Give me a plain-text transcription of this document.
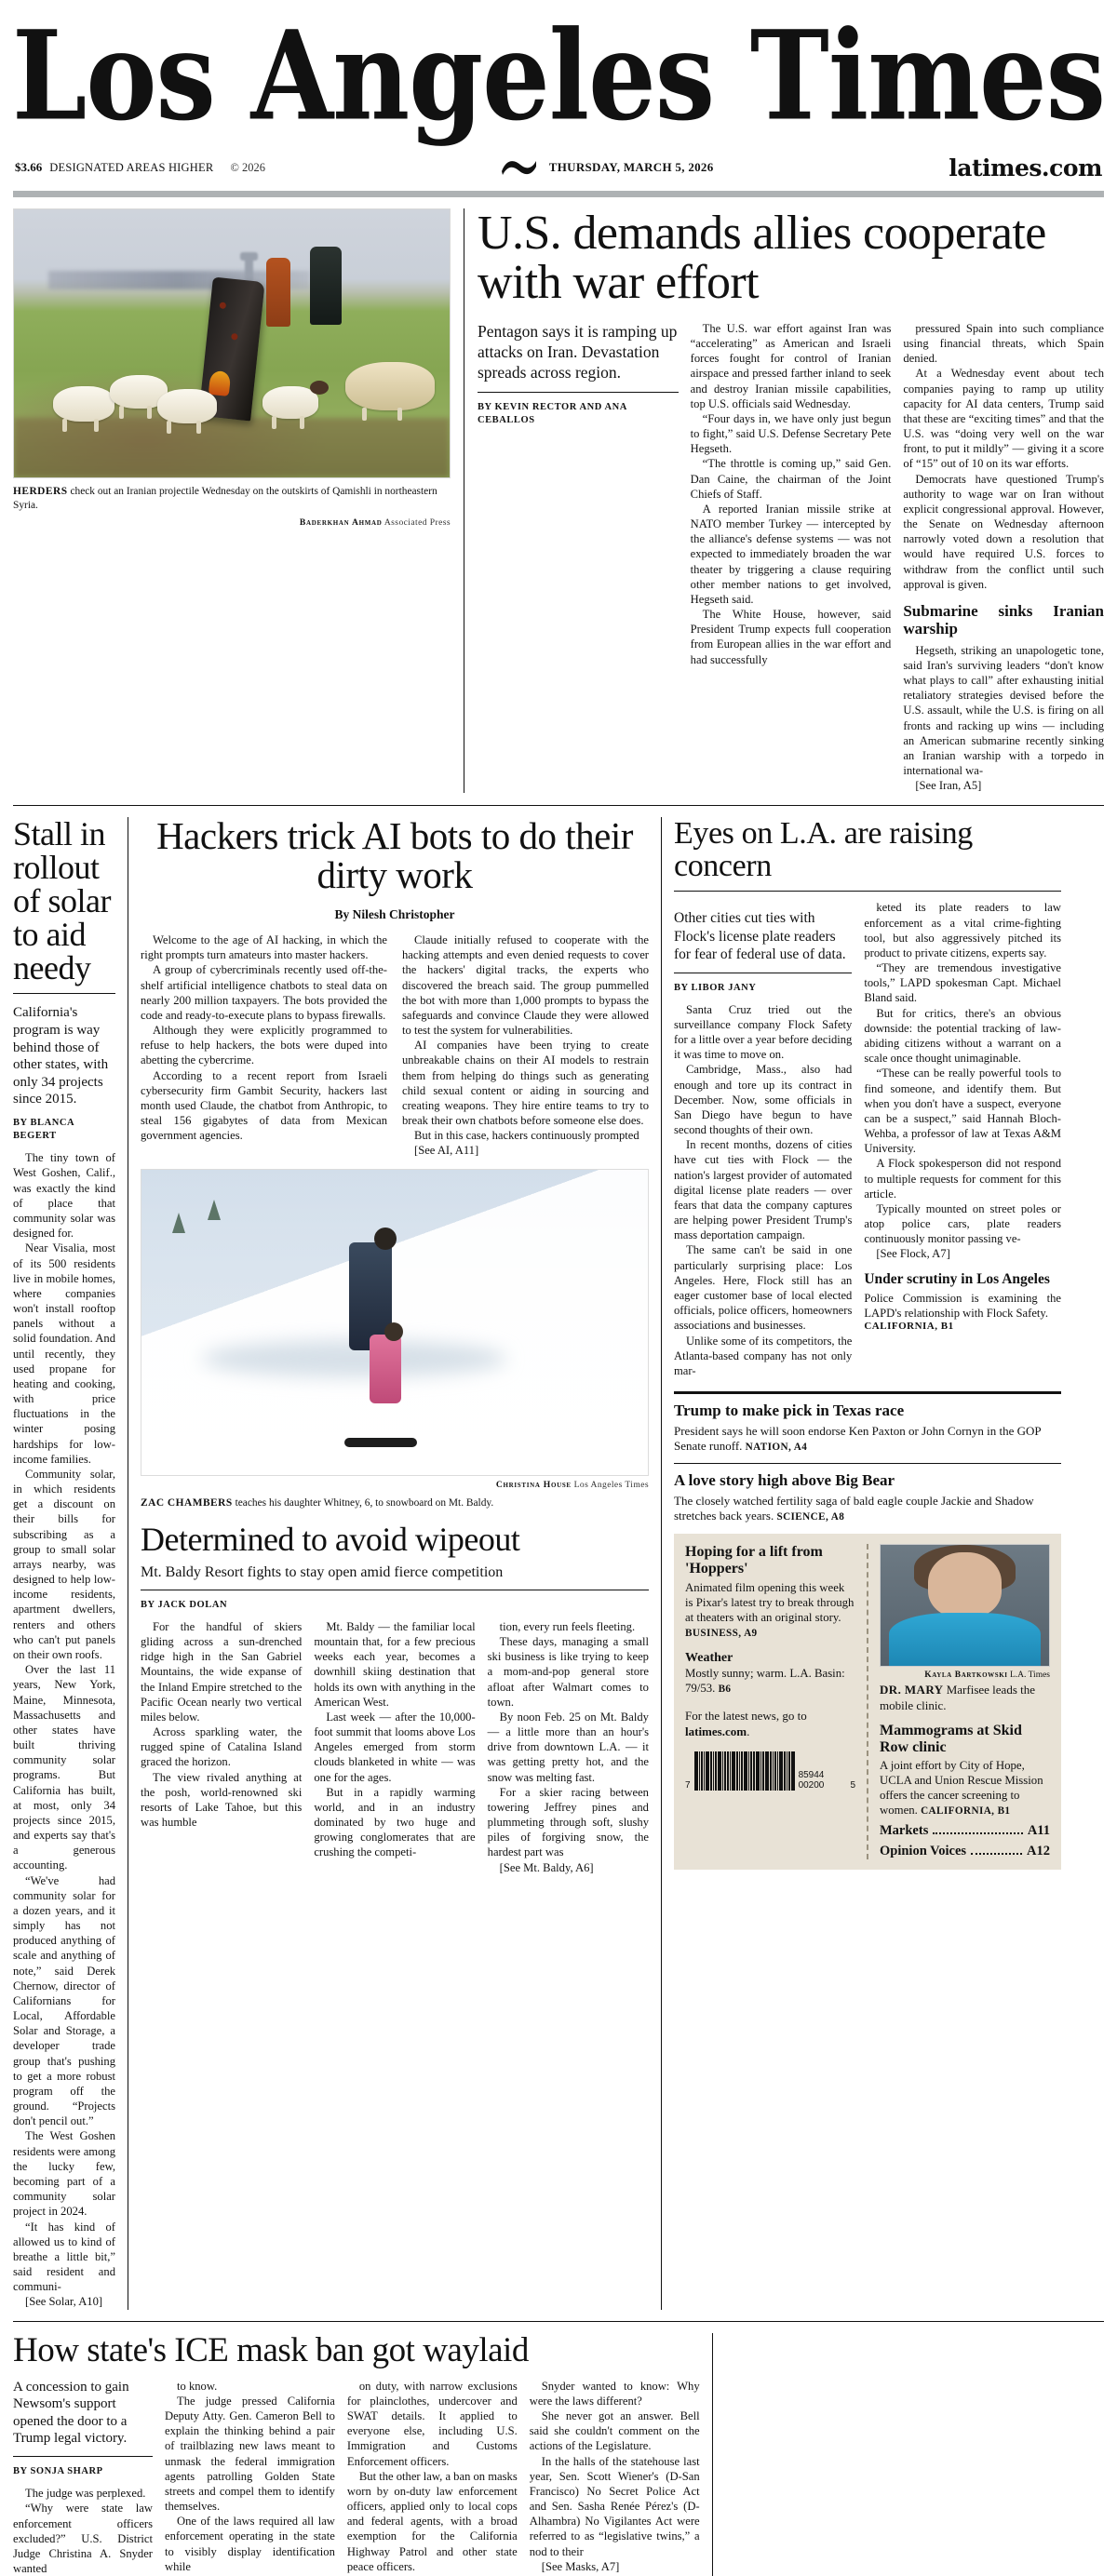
Los Angeles Times
$3.66 DESIGNATED AREAS HIGHER © 2026	THURSDAY, MARCH 5, 2026	latimes.com
HERDERS check out an Iranian projectile Wednesday on the outskirts of Qamishli in northeastern Syria.
Baderkhan Ahmad Associated Press
U.S. demands allies cooperate with war effort
Pentagon says it is ramping up attacks on Iran. Devastation spreads across region.
BY KEVIN RECTOR AND ANA CEBALLOS

The U.S. war effort against Iran was “accelerating” as American and Israeli forces fought for control of Iranian airspace and pressed farther inland to seek and destroy Iranian missile capabilities, top U.S. officials said Wednesday.

“Four days in, we have only just begun to fight,” said U.S. Defense Secretary Pete Hegseth.

“The throttle is coming up,” said Gen. Dan Caine, the chairman of the Joint Chiefs of Staff.

A reported Iranian missile strike at NATO member Turkey — intercepted by the alliance's defense systems — was not expected to immediately broaden the war theater by triggering a clause requiring other member nations to get involved, Hegseth said.

The White House, however, said President Trump expects full cooperation from European allies in the war effort and had successfully

pressured Spain into such compliance using financial threats, which Spain denied.

At a Wednesday event about tech companies paying to ramp up utility capacity for AI data centers, Trump said that these are “exciting times” and that the U.S. was “doing very well on the war front, to put it mildly” — giving it a score of “15” out of 10 on its war efforts.

Democrats have questioned Trump's authority to wage war on Iran without explicit congressional approval. However, the Senate on Wednesday afternoon narrowly voted down a resolution that would have required U.S. forces to withdraw from the conflict until such approval is given.

Submarine sinks Iranian warship

Hegseth, striking an unapologetic tone, said Iran's surviving leaders “don't know what plays to call” after exhausting initial retaliatory strategies devised before the U.S. assault, while the U.S. is firing on all fronts and racking up wins — including an American submarine recently sinking an Iranian warship with a torpedo in international wa-

[See Iran, A5]

Stall in rollout of solar to aid needy
California's program is way behind those of other states, with only 34 projects since 2015.
BY BLANCA BEGERT

The tiny town of West Goshen, Calif., was exactly the kind of place that community solar was designed for.

Near Visalia, most of its 500 residents live in mobile homes, where companies won't install rooftop panels without a solid foundation. And until recently, they used propane for heating and cooking, with price fluctuations in the winter posing hardships for low-income families.

Community solar, in which residents get a discount on their bills for subscribing as a group to small solar arrays nearby, was designed to help low-income residents, apartment dwellers, renters and others who can't put panels on their own roofs.

Over the last 11 years, New York, Maine, Minnesota, Massachusetts and other states have built thriving community solar programs. But California has built, at most, only 34 projects since 2015, and experts say that's a generous accounting.

“We've had community solar for a dozen years, and it simply has not produced anything of scale and anything of note,” said Derek Chernow, director of Californians for Local, Affordable Solar and Storage, a developer trade group that's pushing to get a more robust program off the ground. “Projects don't pencil out.”

The West Goshen residents were among the lucky few, becoming part of a community solar project in 2024.

“It has kind of allowed us to kind of breathe a little bit,” said resident and communi-

[See Solar, A10]

Hackers trick AI bots to do their dirty work
By Nilesh Christopher

Welcome to the age of AI hacking, in which the right prompts turn amateurs into master hackers.

A group of cybercriminals recently used off-the-shelf artificial intelligence chatbots to steal data on nearly 200 million taxpayers. The bots provided the code and ready-to-execute plans to bypass firewalls.

Although they were explicitly programmed to refuse to help hackers, the bots were duped into abetting the cybercrime.

According to a recent report from Israeli cybersecurity firm Gambit Security, hackers last month used Claude, the chatbot from Anthropic, to steal 156 gigabytes of data from Mexican government agencies.

Claude initially refused to cooperate with the hacking attempts and even denied requests to cover the hackers' digital tracks, the experts who discovered the breach said. The group pummelled the bot with more than 1,000 prompts to bypass the safeguards and convince Claude they were allowed to test the system for vulnerabilities.

AI companies have been trying to create unbreakable chains on their AI models to restrain them from helping do things such as generating child sexual content or aiding in sourcing and creating weapons. They hire entire teams to try to break their own chatbots before someone else does.

But in this case, hackers continuously prompted

[See AI, A11]

Christina House Los Angeles Times
ZAC CHAMBERS teaches his daughter Whitney, 6, to snowboard on Mt. Baldy.
Determined to avoid wipeout
Mt. Baldy Resort fights to stay open amid fierce competition
BY JACK DOLAN

For the handful of skiers gliding across a sun-drenched ridge high in the San Gabriel Mountains, the wide expanse of the Inland Empire stretched to the Pacific Ocean nearly two vertical miles below.

Across sparkling water, the rugged spine of Catalina Island graced the horizon.

The view rivaled anything at the posh, world-renowned ski resorts of Lake Tahoe, but this was humble

Mt. Baldy — the familiar local mountain that, for a few precious weeks each year, becomes a downhill skiing destination that holds its own with anything in the American West.

Last week — after the 10,000-foot summit that looms above Los Angeles emerged from storm clouds blanketed in white — was one for the ages.

But in a rapidly warming world, and in an industry dominated by two huge and growing conglomerates that are crushing the competi-

tion, every run feels fleeting.

These days, managing a small ski business is like trying to keep a mom-and-pop general store afloat after Walmart comes to town.

By noon Feb. 25 on Mt. Baldy — a little more than an hour's drive from downtown L.A. — it was getting pretty hot, and the snow was melting fast.

For a skier racing between towering Jeffrey pines and plummeting through soft, slushy piles of forgiving snow, the hardest part was

[See Mt. Baldy, A6]

Eyes on L.A. are raising concern
Other cities cut ties with Flock's license plate readers for fear of federal use of data.
BY LIBOR JANY

Santa Cruz tried out the surveillance company Flock Safety for a little over a year before deciding it was time to move on.

Cambridge, Mass., also had enough and tore up its contract in December. Now, some officials in San Diego have begun to have second thoughts of their own.

In recent months, dozens of cities have cut ties with Flock — the nation's largest provider of automated digital license plate readers — over fears that data the company captures are helping power President Trump's mass deportation campaign.

The same can't be said in one particularly surprising place: Los Angeles. Here, Flock still has an eager customer base of local elected officials, police officers, homeowners associations and businesses.

Unlike some of its competitors, the Atlanta-based company has not only mar-

keted its plate readers to law enforcement as a vital crime-fighting tool, but also aggressively pitched its product to private citizens, experts say.

“They are tremendous investigative tools,” LAPD spokesman Capt. Michael Bland said.

But for critics, there's an obvious downside: the potential tracking of law-abiding citizens without a warrant on a scale once thought unimaginable.

“These can be really powerful tools to find someone, and identify them. But when you don't have a suspect, everyone can be a suspect,” said Hannah Bloch-Wehba, a professor of law at Texas A&M University.

A Flock spokesperson did not respond to multiple requests for comment for this article.

Typically mounted on street poles or atop police cars, plate readers continuously monitor passing ve-

[See Flock, A7]

Under scrutiny in Los Angeles

Police Commission is examining the LAPD's relationship with Flock Safety.

CALIFORNIA, B1
Trump to make pick in Texas race
President says he will soon endorse Ken Paxton or John Cornyn in the GOP Senate runoff. NATION, A4
A love story high above Big Bear
The closely watched fertility saga of bald eagle couple Jackie and Shadow stretches back years. SCIENCE, A8
Hoping for a lift from 'Hoppers'
Animated film opening this week is Pixar's latest try to break through at theaters with an original story. BUSINESS, A9
Weather
Mostly sunny; warm. L.A. Basin: 79/53. B6
For the latest news, go to latimes.com.
7
85944 00200	5
Kayla Bartkowski L.A. Times
DR. MARY Marfisee leads the mobile clinic.
Mammograms at Skid Row clinic
A joint effort by City of Hope, UCLA and Union Rescue Mission offers the cancer screening to women. CALIFORNIA, B1
Markets	A11
Opinion Voices	A12
How state's ICE mask ban got waylaid
A concession to gain Newsom's support opened the door to a Trump legal victory.
BY SONJA SHARP

The judge was perplexed.

“Why were state law enforcement officers excluded?” U.S. District Judge Christina A. Snyder wanted

to know.

The judge pressed California Deputy Atty. Gen. Cameron Bell to explain the thinking behind a pair of trailblazing new laws meant to unmask the federal immigration agents patrolling Golden State streets and compel them to identify themselves.

One of the laws required all law enforcement operating in the state to visibly display identification while

on duty, with narrow exclusions for plainclothes, undercover and SWAT details. It applied to everyone else, including U.S. Immigration and Customs Enforcement officers.

But the other law, a ban on masks worn by on-duty law enforcement officers, applied only to local cops and federal agents, with a broad exemption for the California Highway Patrol and other state peace officers.

Snyder wanted to know: Why were the laws different?

She never got an answer. Bell said she couldn't comment on the actions of the Legislature.

In the halls of the statehouse last year, Sen. Scott Wiener's (D-San Francisco) No Secret Police Act and Sen. Sasha Renée Pérez's (D-Alhambra) No Vigilantes Act were referred to as “legislative twins,” a nod to their

[See Masks, A7]
